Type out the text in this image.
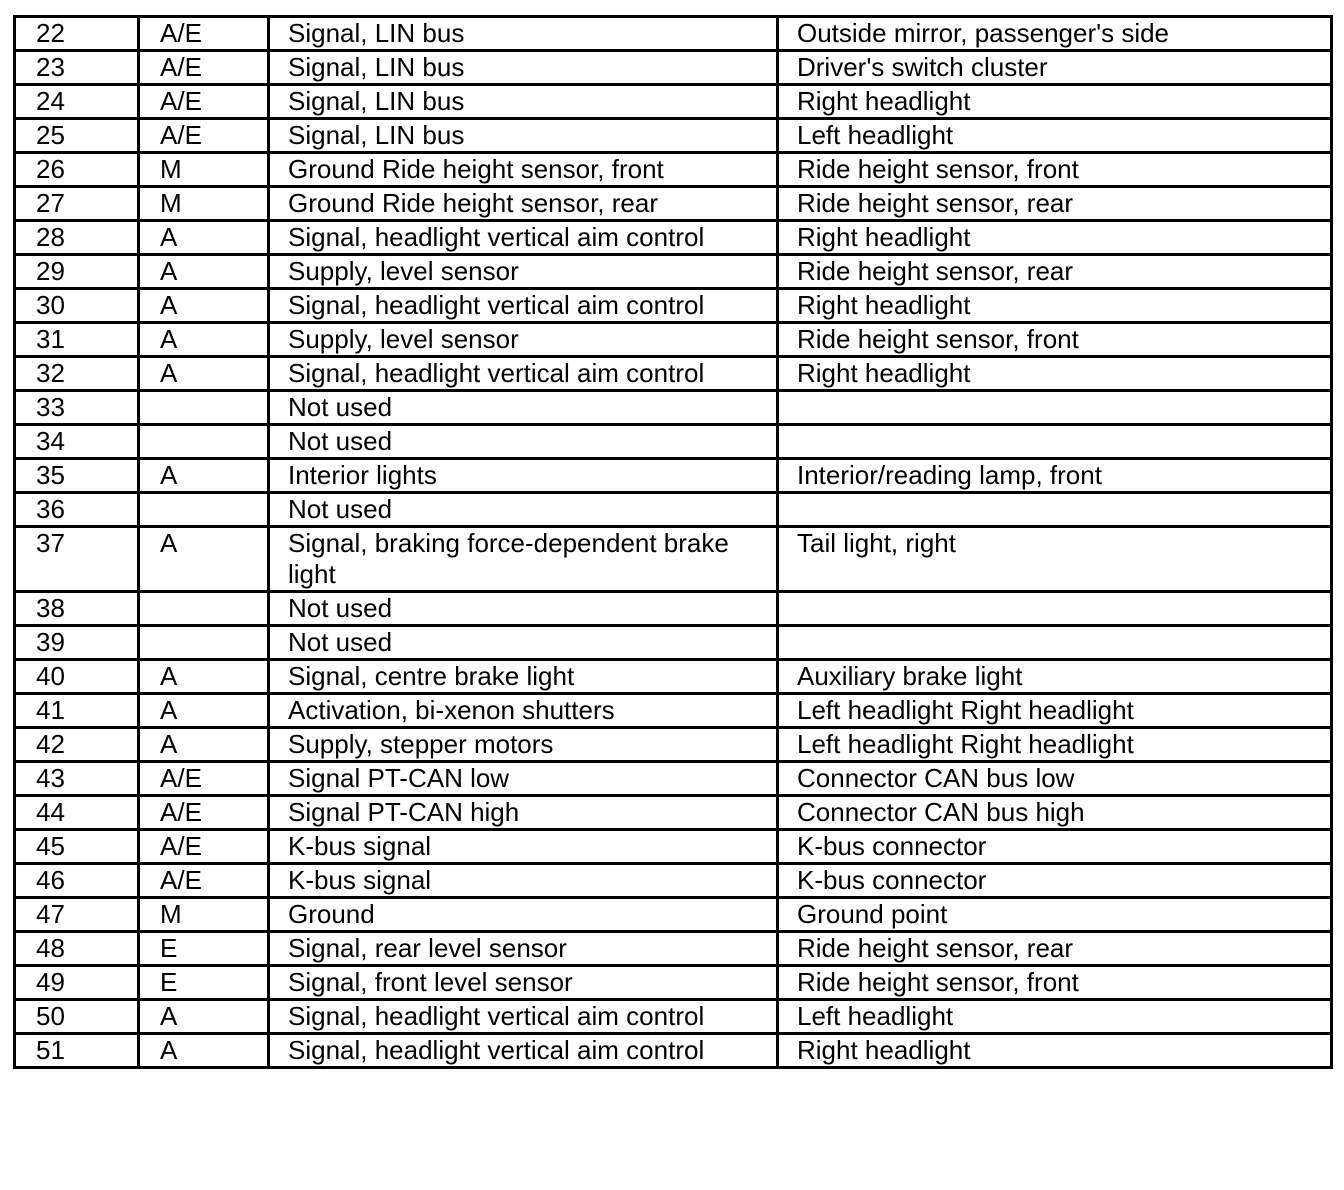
22	A/E	Signal, LIN bus	Outside mirror, passenger's side
23	A/E	Signal, LIN bus	Driver's switch cluster
24	A/E	Signal, LIN bus	Right headlight
25	A/E	Signal, LIN bus	Left headlight
26	M	Ground Ride height sensor, front	Ride height sensor, front
27	M	Ground Ride height sensor, rear	Ride height sensor, rear
28	A	Signal, headlight vertical aim control	Right headlight
29	A	Supply, level sensor	Ride height sensor, rear
30	A	Signal, headlight vertical aim control	Right headlight
31	A	Supply, level sensor	Ride height sensor, front
32	A	Signal, headlight vertical aim control	Right headlight
33		Not used	
34		Not used	
35	A	Interior lights	Interior/reading lamp, front
36		Not used	
37	A	Signal, braking force-dependent brake light	Tail light, right
38		Not used	
39		Not used	
40	A	Signal, centre brake light	Auxiliary brake light
41	A	Activation, bi-xenon shutters	Left headlight Right headlight
42	A	Supply, stepper motors	Left headlight Right headlight
43	A/E	Signal PT-CAN low	Connector CAN bus low
44	A/E	Signal PT-CAN high	Connector CAN bus high
45	A/E	K-bus signal	K-bus connector
46	A/E	K-bus signal	K-bus connector
47	M	Ground	Ground point
48	E	Signal, rear level sensor	Ride height sensor, rear
49	E	Signal, front level sensor	Ride height sensor, front
50	A	Signal, headlight vertical aim control	Left headlight
51	A	Signal, headlight vertical aim control	Right headlight
